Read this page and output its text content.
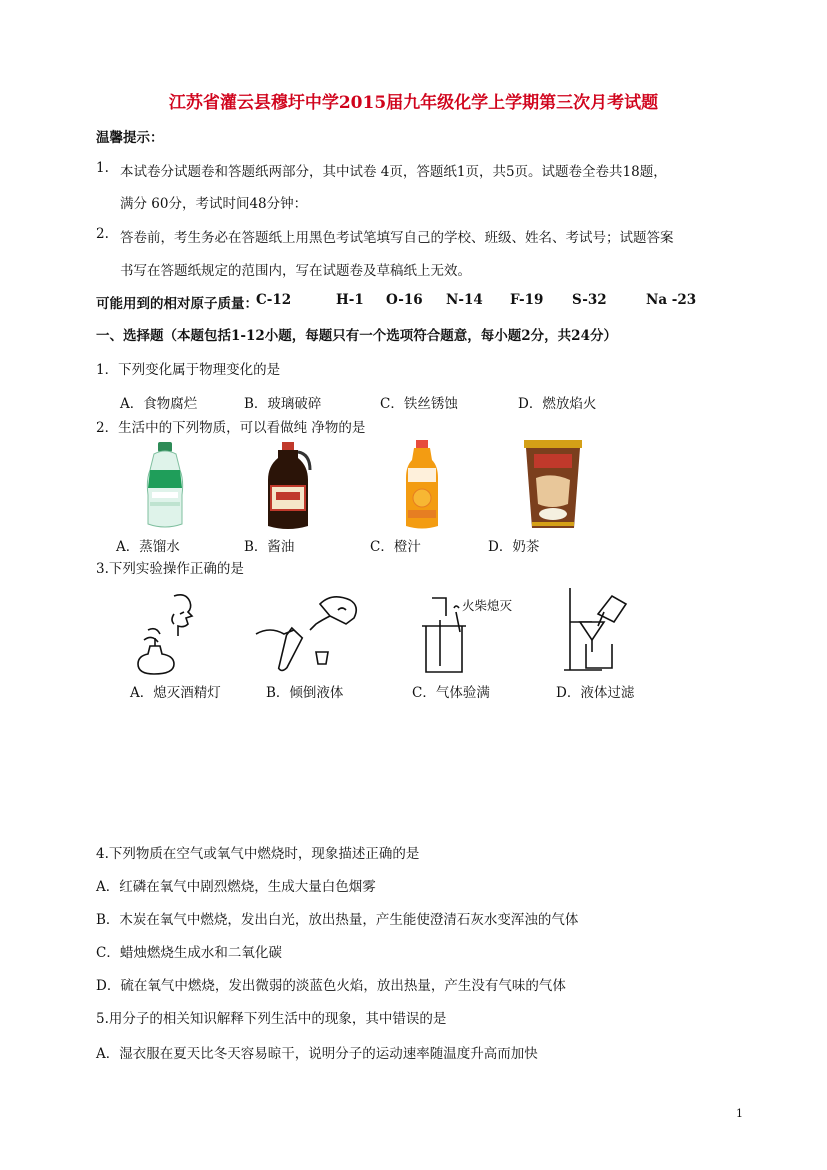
江苏省灌云县穆圩中学2015届九年级化学上学期第三次月考试题
温馨提示：
1. 本试卷分试题卷和答题纸两部分，其中试卷 4页，答题纸1页，共5页。试题卷全卷共18题，
满分 60分，考试时间48分钟：
2. 答卷前，考生务必在答题纸上用黑色考试笔填写自己的学校、班级、姓名、考试号；试题答案
书写在答题纸规定的范围内，写在试题卷及草稿纸上无效。
可能用到的相对原子质量：
C-12	H-1 O-16 N-14 F-19 S-32	Na -23
一、选择题（本题包括1-12小题，每题只有一个选项符合题意，每小题2分，共24分）
1．下列变化属于物理变化的是
A．食物腐烂	B．玻璃破碎	C．铁丝锈蚀	D．燃放焰火
2．生活中的下列物质，可以看做纯 净物的是
A．蒸馏水	B．酱油	C．橙汁	D．奶茶
3.下列实验操作正确的是
火柴熄灭
A．熄灭酒精灯	B．倾倒液体	C．气体验满	D．液体过滤
4.下列物质在空气或氧气中燃烧时，现象描述正确的是
A．红磷在氧气中剧烈燃烧，生成大量白色烟雾
B．木炭在氧气中燃烧，发出白光，放出热量，产生能使澄清石灰水变浑浊的气体
C．蜡烛燃烧生成水和二氧化碳
D．硫在氧气中燃烧，发出微弱的淡蓝色火焰，放出热量，产生没有气味的气体
5.用分子的相关知识解释下列生活中的现象，其中错误的是
A．湿衣服在夏天比冬天容易晾干，说明分子的运动速率随温度升高而加快
1
